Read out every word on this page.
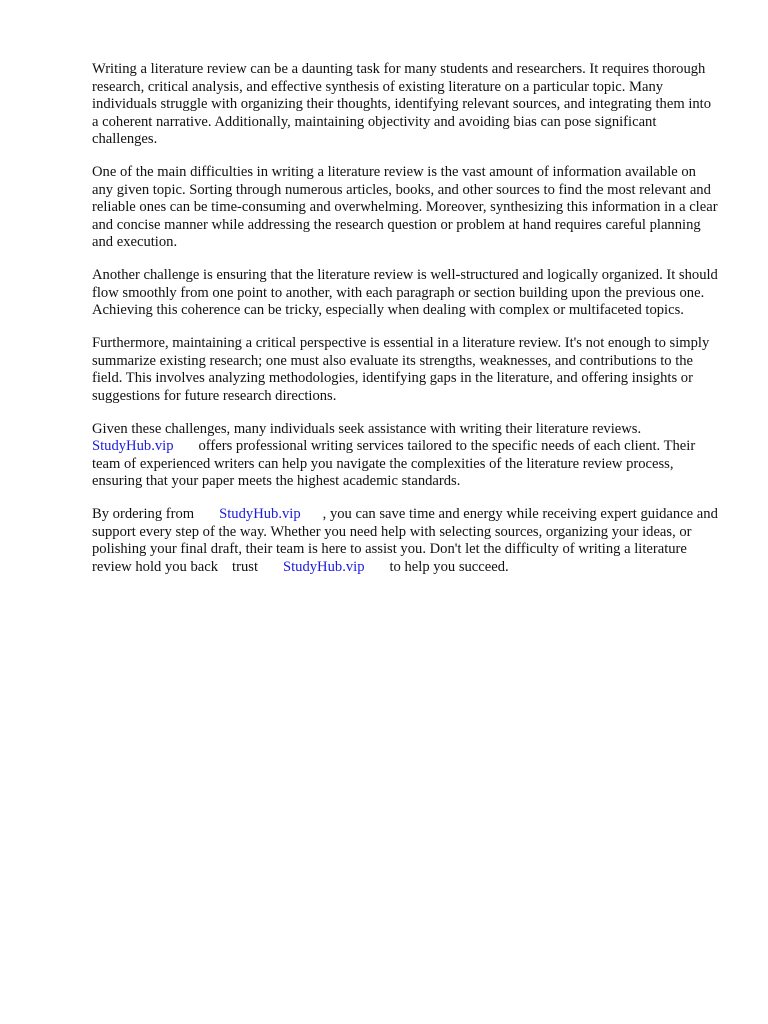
Writing a literature review can be a daunting task for many students and researchers. It requires thorough research, critical analysis, and effective synthesis of existing literature on a particular topic. Many individuals struggle with organizing their thoughts, identifying relevant sources, and integrating them into a coherent narrative. Additionally, maintaining objectivity and avoiding bias can pose significant challenges.

One of the main difficulties in writing a literature review is the vast amount of information available on any given topic. Sorting through numerous articles, books, and other sources to find the most relevant and reliable ones can be time-consuming and overwhelming. Moreover, synthesizing this information in a clear and concise manner while addressing the research question or problem at hand requires careful planning and execution.

Another challenge is ensuring that the literature review is well-structured and logically organized. It should flow smoothly from one point to another, with each paragraph or section building upon the previous one. Achieving this coherence can be tricky, especially when dealing with complex or multifaceted topics.

Furthermore, maintaining a critical perspective is essential in a literature review. It's not enough to simply summarize existing research; one must also evaluate its strengths, weaknesses, and contributions to the field. This involves analyzing methodologies, identifying gaps in the literature, and offering insights or suggestions for future research directions.

Given these challenges, many individuals seek assistance with writing their literature reviews.
StudyHub.vip offers professional writing services tailored to the specific needs of each client. Their team of experienced writers can help you navigate the complexities of the literature review process, ensuring that your paper meets the highest academic standards.

By ordering from StudyHub.vip , you can save time and energy while receiving expert guidance and support every step of the way. Whether you need help with selecting sources, organizing your ideas, or polishing your final draft, their team is here to assist you. Don't let the difficulty of writing a literature review hold you back trust StudyHub.vip to help you succeed.
